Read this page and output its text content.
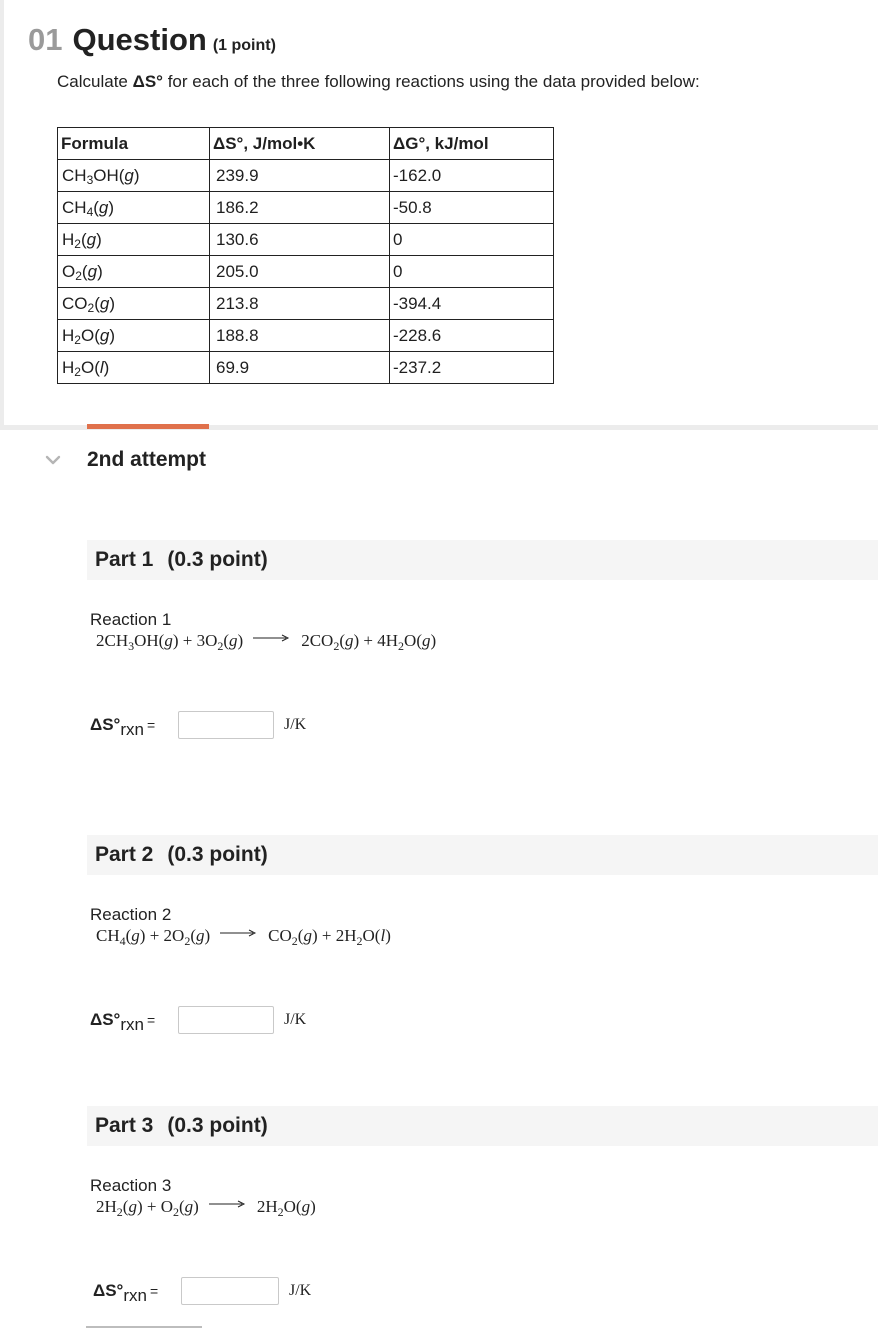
01 Question (1 point)
Calculate ΔS° for each of the three following reactions using the data provided below:
Formula	ΔS°, J/mol•K	ΔG°, kJ/mol
$CH_3OH(g)$	239.9	-162.0
$CH_4(g)$	186.2	-50.8
$H_2(g)$	130.6	0
$O_2(g)$	205.0	0
$CO_2(g)$	213.8	-394.4
$H_2O(g)$	188.8	-228.6
$H_2O(l)$	69.9	-237.2
2nd attempt
Part 1 (0.3 point)
Reaction 1
$2CH_3OH(g) + 3O_2(g)$	$2CO_2(g) + 4H_2O(g)$
ΔS°rxn =	J/K
Part 2 (0.3 point)
Reaction 2
$CH_4(g) + 2O_2(g)$	$CO_2(g) + 2H_2O(l)$
ΔS°rxn =	J/K
Part 3 (0.3 point)
Reaction 3
$2H_2(g) + O_2(g)$	$2H_2O(g)$
ΔS°rxn =	J/K
